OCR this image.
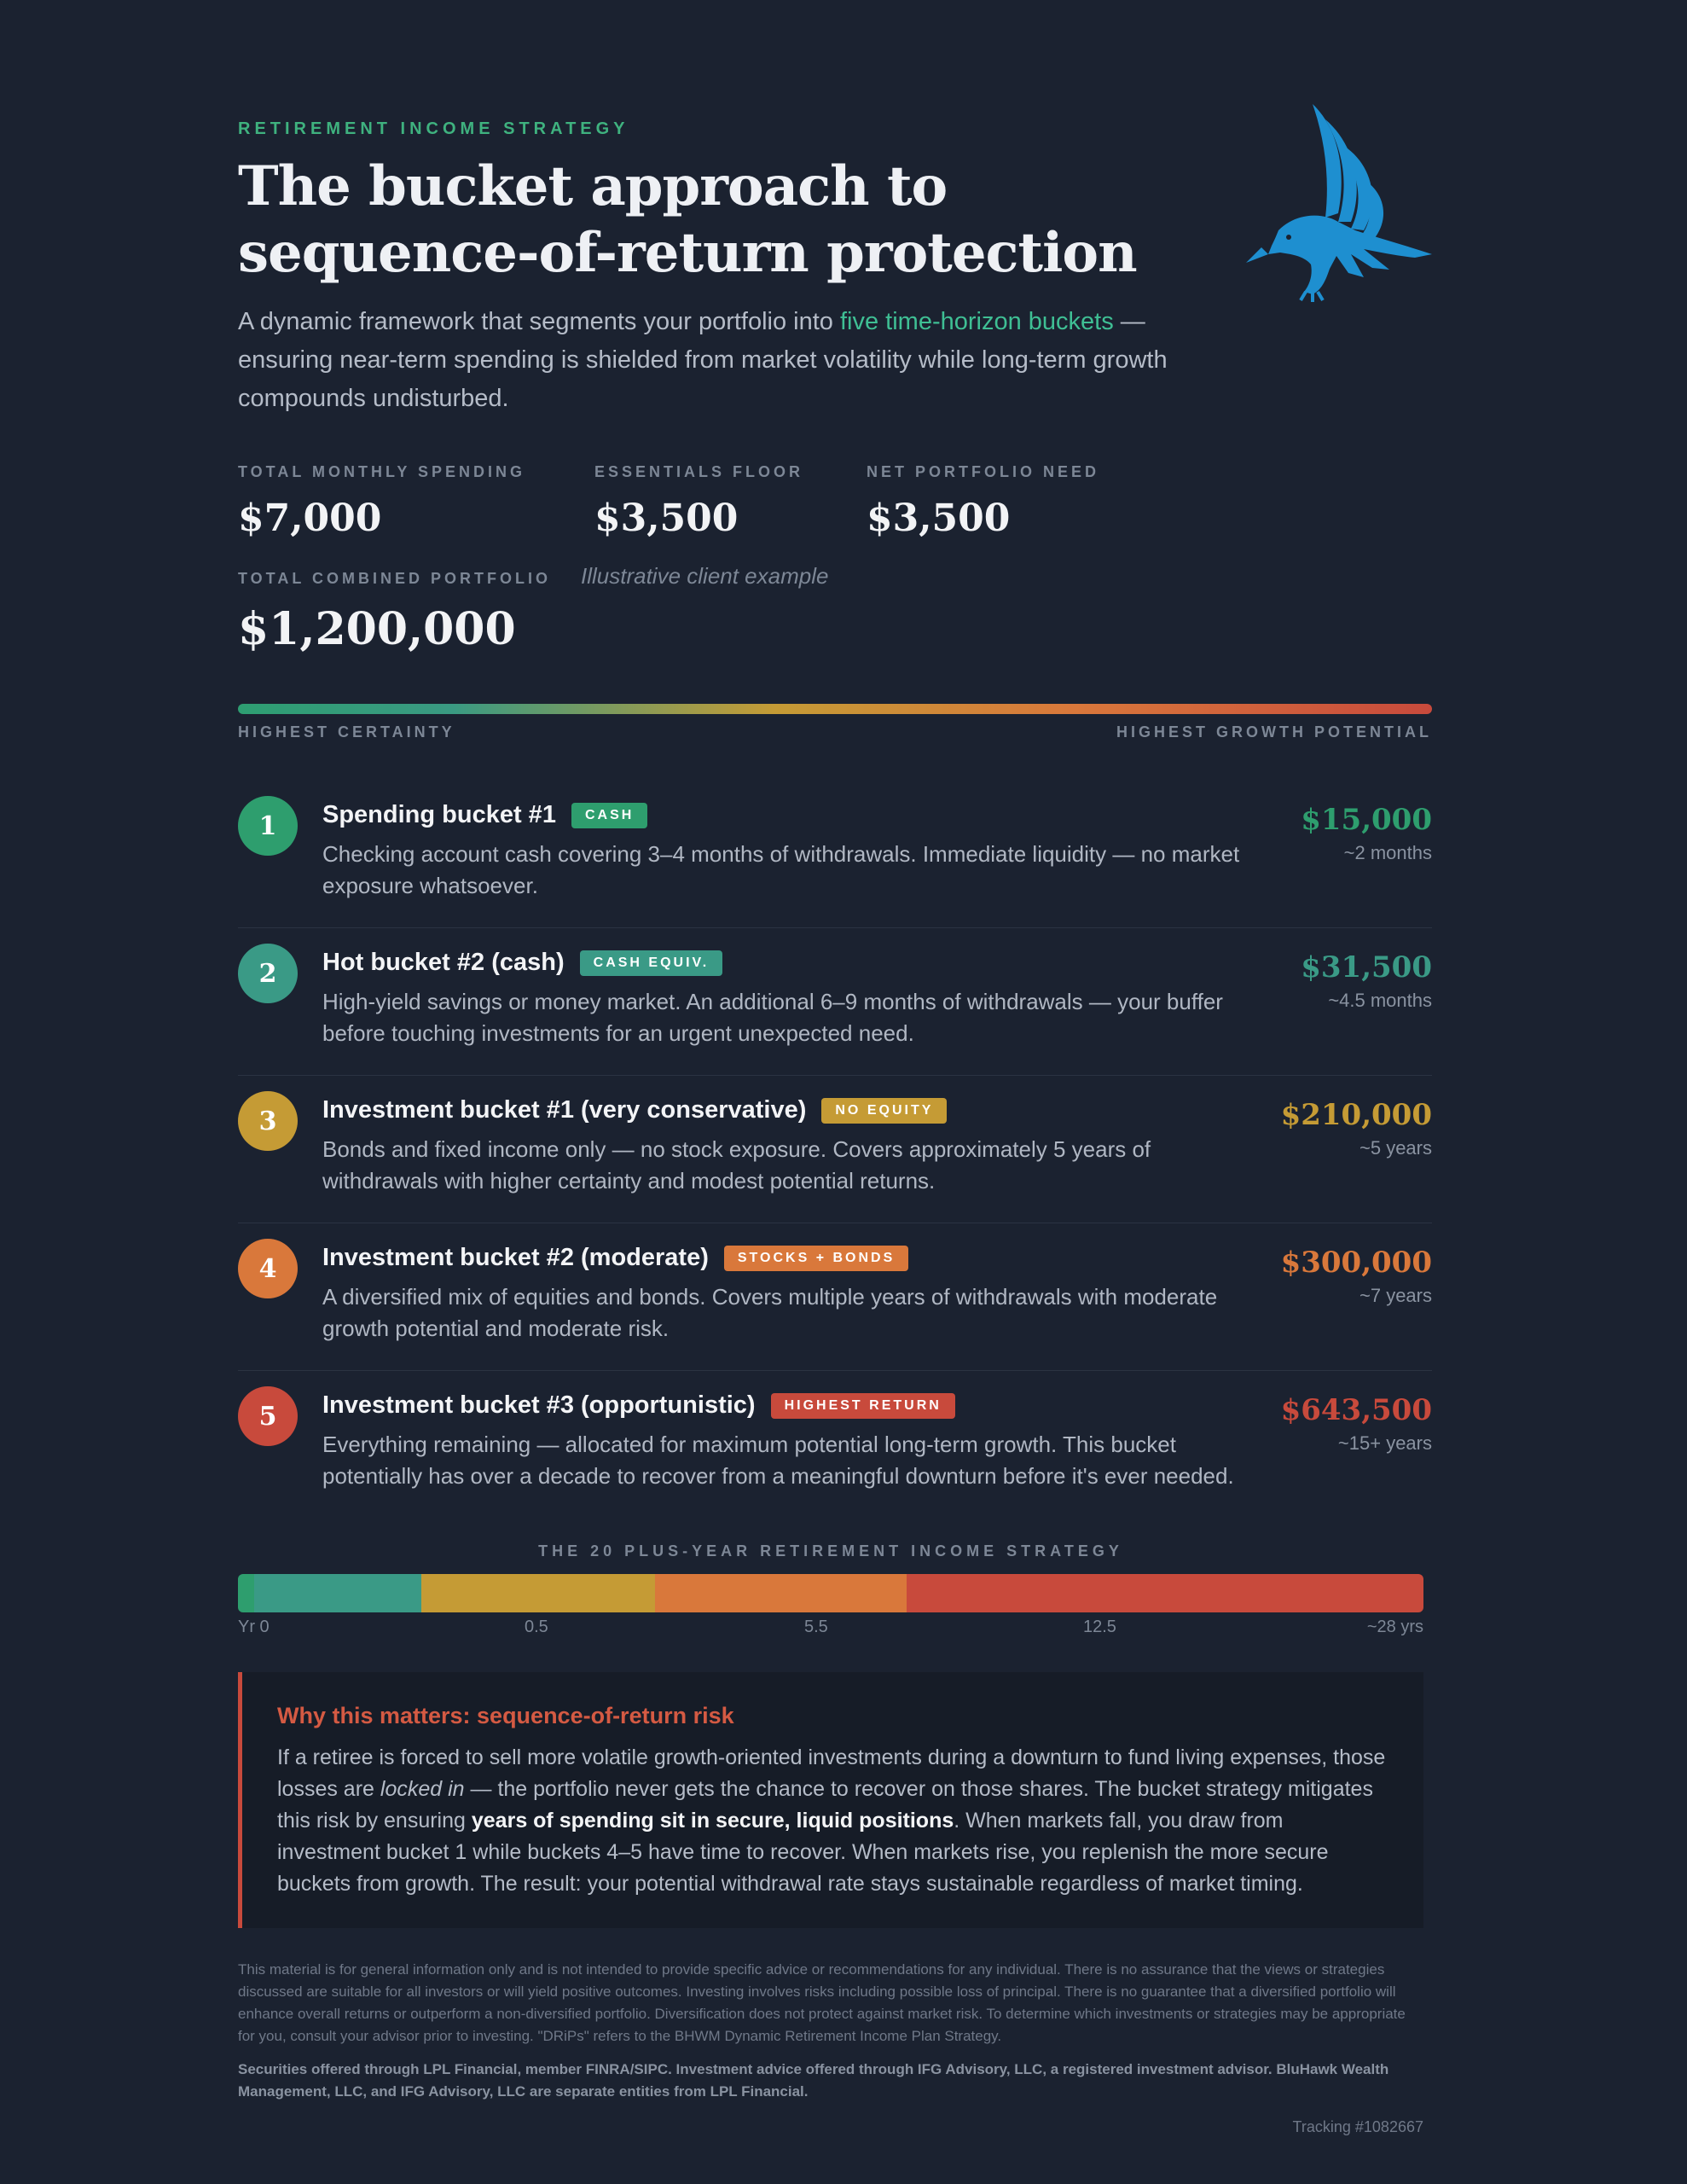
RETIREMENT INCOME STRATEGY
The bucket approach to
sequence-of-return protection
A dynamic framework that segments your portfolio into five time-horizon buckets — ensuring near-term spending is shielded from market volatility while long-term growth compounds undisturbed.
TOTAL MONTHLY SPENDING
$7,000
ESSENTIALS FLOOR
$3,500
NET PORTFOLIO NEED
$3,500
TOTAL COMBINED PORTFOLIO
$1,200,000
Illustrative client example
HIGHEST CERTAINTY	HIGHEST GROWTH POTENTIAL
1	Spending bucket #1	CASH
Checking account cash covering 3–4 months of withdrawals. Immediate liquidity — no market exposure whatsoever.
$15,000
~2 months
2	Hot bucket #2 (cash)	CASH EQUIV.
High-yield savings or money market. An additional 6–9 months of withdrawals — your buffer before touching investments for an urgent unexpected need.
$31,500
~4.5 months
3	Investment bucket #1 (very conservative)	NO EQUITY
Bonds and fixed income only — no stock exposure. Covers approximately 5 years of withdrawals with higher certainty and modest potential returns.
$210,000
~5 years
4	Investment bucket #2 (moderate)	STOCKS + BONDS
A diversified mix of equities and bonds. Covers multiple years of withdrawals with moderate growth potential and moderate risk.
$300,000
~7 years
5	Investment bucket #3 (opportunistic)	HIGHEST RETURN
Everything remaining — allocated for maximum potential long-term growth. This bucket potentially has over a decade to recover from a meaningful downturn before it's ever needed.
$643,500
~15+ years
THE 20 PLUS-YEAR RETIREMENT INCOME STRATEGY
Yr 0	0.5	5.5	12.5	~28 yrs
Why this matters: sequence-of-return risk

If a retiree is forced to sell more volatile growth-oriented investments during a downturn to fund living expenses, those losses are locked in — the portfolio never gets the chance to recover on those shares. The bucket strategy mitigates this risk by ensuring years of spending sit in secure, liquid positions. When markets fall, you draw from investment bucket 1 while buckets 4–5 have time to recover. When markets rise, you replenish the more secure buckets from growth. The result: your potential withdrawal rate stays sustainable regardless of market timing.

This material is for general information only and is not intended to provide specific advice or recommendations for any individual. There is no assurance that the views or strategies discussed are suitable for all investors or will yield positive outcomes. Investing involves risks including possible loss of principal. There is no guarantee that a diversified portfolio will enhance overall returns or outperform a non-diversified portfolio. Diversification does not protect against market risk. To determine which investments or strategies may be appropriate for you, consult your advisor prior to investing. "DRiPs" refers to the BHWM Dynamic Retirement Income Plan Strategy.
Securities offered through LPL Financial, member FINRA/SIPC. Investment advice offered through IFG Advisory, LLC, a registered investment advisor. BluHawk Wealth Management, LLC, and IFG Advisory, LLC are separate entities from LPL Financial.
Tracking #1082667
